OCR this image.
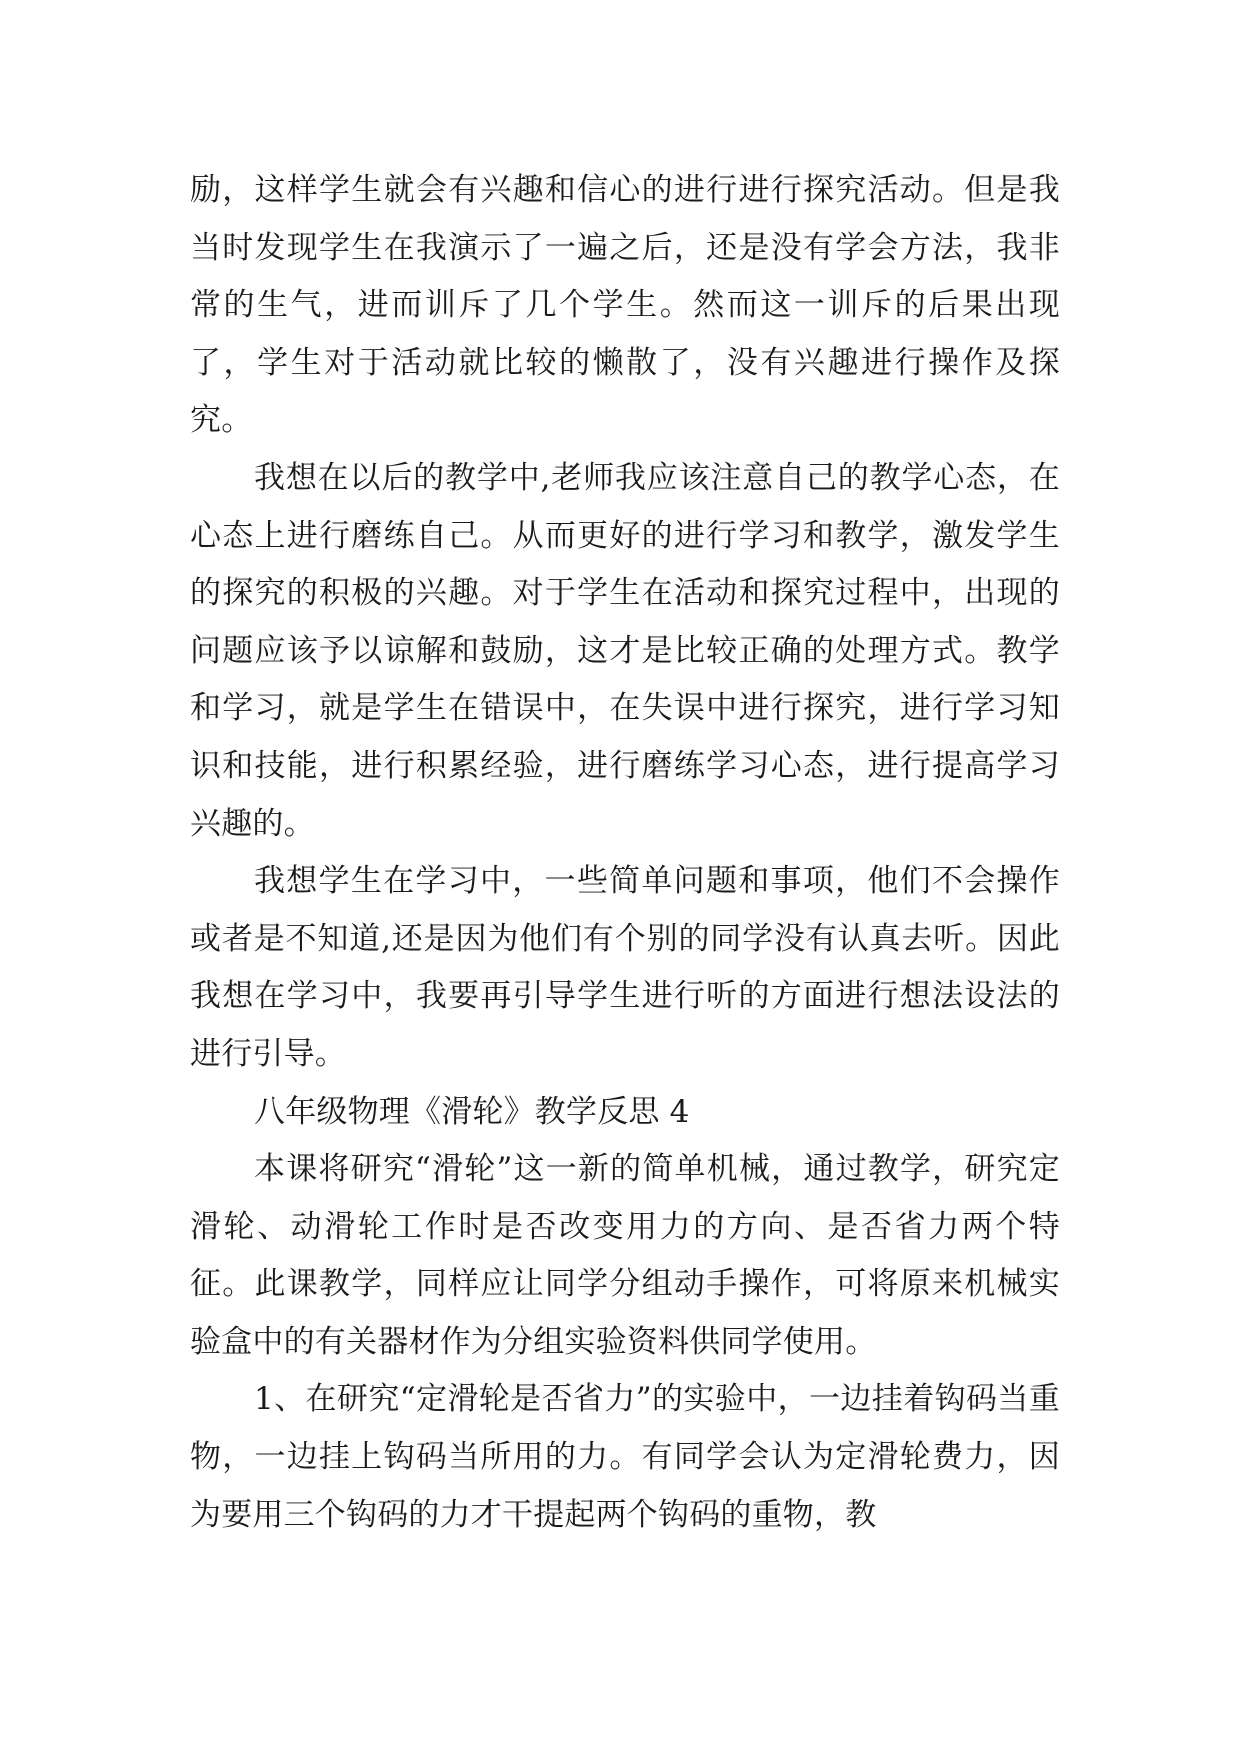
励，这样学生就会有兴趣和信心的进行进行探究活动。但是我当时发现学生在我演示了一遍之后，还是没有学会方法，我非常的生气，进而训斥了几个学生。然而这一训斥的后果出现了，学生对于活动就比较的懒散了，没有兴趣进行操作及探究。

我想在以后的教学中,老师我应该注意自己的教学心态，在心态上进行磨练自己。从而更好的进行学习和教学，激发学生的探究的积极的兴趣。对于学生在活动和探究过程中，出现的问题应该予以谅解和鼓励，这才是比较正确的处理方式。教学和学习，就是学生在错误中，在失误中进行探究，进行学习知识和技能，进行积累经验，进行磨练学习心态，进行提高学习兴趣的。

我想学生在学习中，一些简单问题和事项，他们不会操作或者是不知道,还是因为他们有个别的同学没有认真去听。因此我想在学习中，我要再引导学生进行听的方面进行想法设法的进行引导。

八年级物理《滑轮》教学反思 4

本课将研究“滑轮”这一新的简单机械，通过教学，研究定滑轮、动滑轮工作时是否改变用力的方向、是否省力两个特征。此课教学，同样应让同学分组动手操作，可将原来机械实验盒中的有关器材作为分组实验资料供同学使用。

1、在研究“定滑轮是否省力”的实验中，一边挂着钩码当重物，一边挂上钩码当所用的力。有同学会认为定滑轮费力，因为要用三个钩码的力才干提起两个钩码的重物，教
